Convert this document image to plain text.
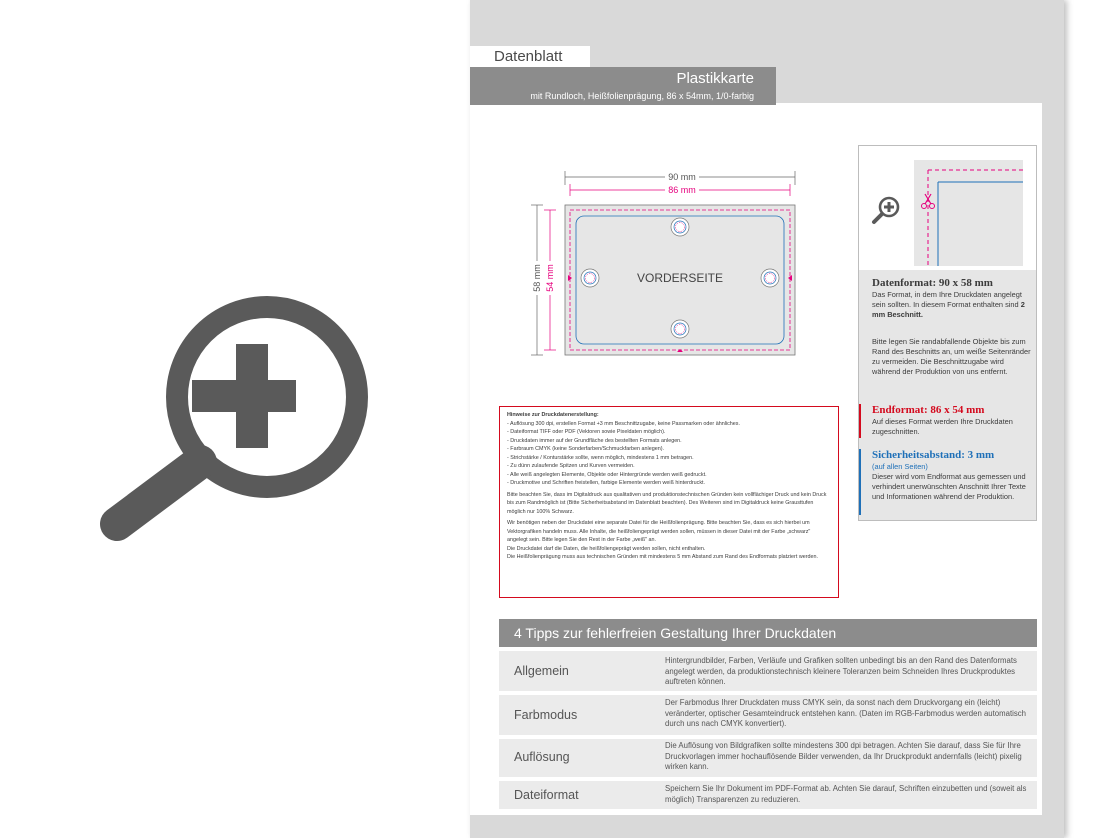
Datenblatt
Plastikkarte
mit Rundloch, Heißfolienprägung, 86 x 54mm, 1/0-farbig
90 mm
86 mm
58 mm 54 mm	VORDERSEITE
Hinweise zur Druckdatenerstellung:
- Auflösung 300 dpi, erstellen Format +3 mm Beschnittzugabe, keine Passmarken oder ähnliches.
- Dateiformat TIFF oder PDF (Vektoren sowie Pixeldaten möglich).
- Druckdaten immer auf der Grundfläche des bestellten Formats anlegen.
- Farbraum CMYK (keine Sonderfarben/Schmuckfarben anlegen).
- Strichstärke / Konturstärke sollte, wenn möglich, mindestens 1 mm betragen.
- Zu dünn zulaufende Spitzen und Kurven vermeiden.
- Alle weiß angelegten Elemente, Objekte oder Hintergründe werden weiß gedruckt.
- Druckmotive und Schriften freistellen, farbige Elemente werden weiß hinterdruckt.
Bitte beachten Sie, dass im Digitaldruck aus qualitativen und produktionstechnischen Gründen kein vollflächiger Druck und kein Druck bis zum Randmöglich ist (Bitte Sicherheitsabstand im Datenblatt beachten). Des Weiteren sind im Digitaldruck keine Grausttufen möglich nur 100% Schwarz.
Wir benötigen neben der Druckdatei eine separate Datei für die Heißfolienprägung. Bitte beachten Sie, dass es sich hierbei um Vektorgrafiken handeln muss. Alle Inhalte, die heißfoliengeprägt werden sollen, müssen in dieser Datei mit der Farbe „schwarz" angelegt sein. Bitte legen Sie den Rest in der Farbe „weiß" an.
Die Druckdatei darf die Daten, die heißfoliengeprägt werden sollen, nicht enthalten.
Die Heißfolienprägung muss aus technischen Gründen mit mindestens 5 mm Abstand zum Rand des Endformats platziert werden.
Datenformat: 90 x 58 mm
Das Format, in dem Ihre Druckdaten angelegt sein sollten. In diesem Format enthalten sind 2 mm Beschnitt.
Bitte legen Sie randabfallende Objekte bis zum Rand des Beschnitts an, um weiße Seitenränder zu vermeiden. Die Beschnittzugabe wird während der Produktion von uns entfernt.
Endformat: 86 x 54 mm
Auf dieses Format werden Ihre Druckdaten zugeschnitten.
Sicherheitsabstand: 3 mm
(auf allen Seiten)
Dieser wird vom Endformat aus gemessen und verhindert unerwünschten Anschnitt Ihrer Texte und Informationen während der Produktion.
4 Tipps zur fehlerfreien Gestaltung Ihrer Druckdaten
Allgemein
Hintergrundbilder, Farben, Verläufe und Grafiken sollten unbedingt bis an den Rand des Datenformats angelegt werden, da produktionstechnisch kleinere Toleranzen beim Schneiden Ihres Druckproduktes auftreten können.
Farbmodus
Der Farbmodus Ihrer Druckdaten muss CMYK sein, da sonst nach dem Druckvorgang ein (leicht) veränderter, optischer Gesamteindruck entstehen kann. (Daten im RGB-Farbmodus werden automatisch durch uns nach CMYK konvertiert).
Auflösung
Die Auflösung von Bildgrafiken sollte mindestens 300 dpi betragen. Achten Sie darauf, dass Sie für Ihre Druckvorlagen immer hochauflösende Bilder verwenden, da Ihr Druckprodukt andernfalls (leicht) pixelig wirken kann.
Dateiformat	Speichern Sie Ihr Dokument im PDF-Format ab. Achten Sie darauf, Schriften einzubetten und (soweit als möglich) Transparenzen zu reduzieren.
